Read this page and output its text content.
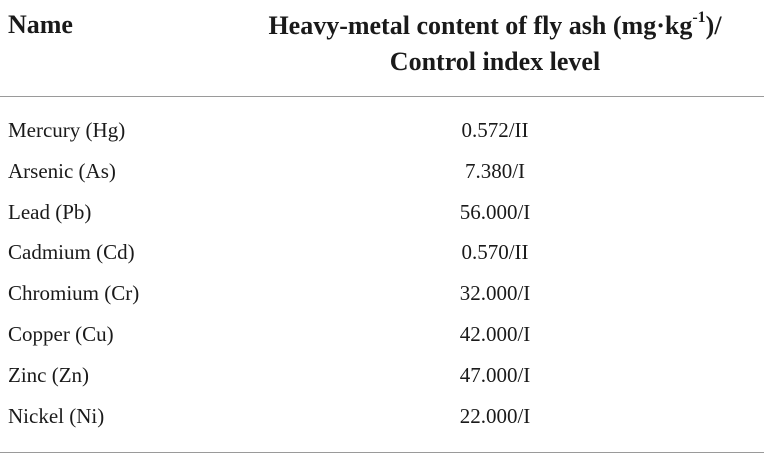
Name	Heavy-metal content of fly ash $(mg\cdot kg^{-1})/$
Control index level
Mercury (Hg)	0.572/II
Arsenic (As)	7.380/I
Lead (Pb)	56.000/I
Cadmium (Cd)	0.570/II
Chromium (Cr)	32.000/I
Copper (Cu)	42.000/I
Zinc (Zn)	47.000/I
Nickel (Ni)	22.000/I
